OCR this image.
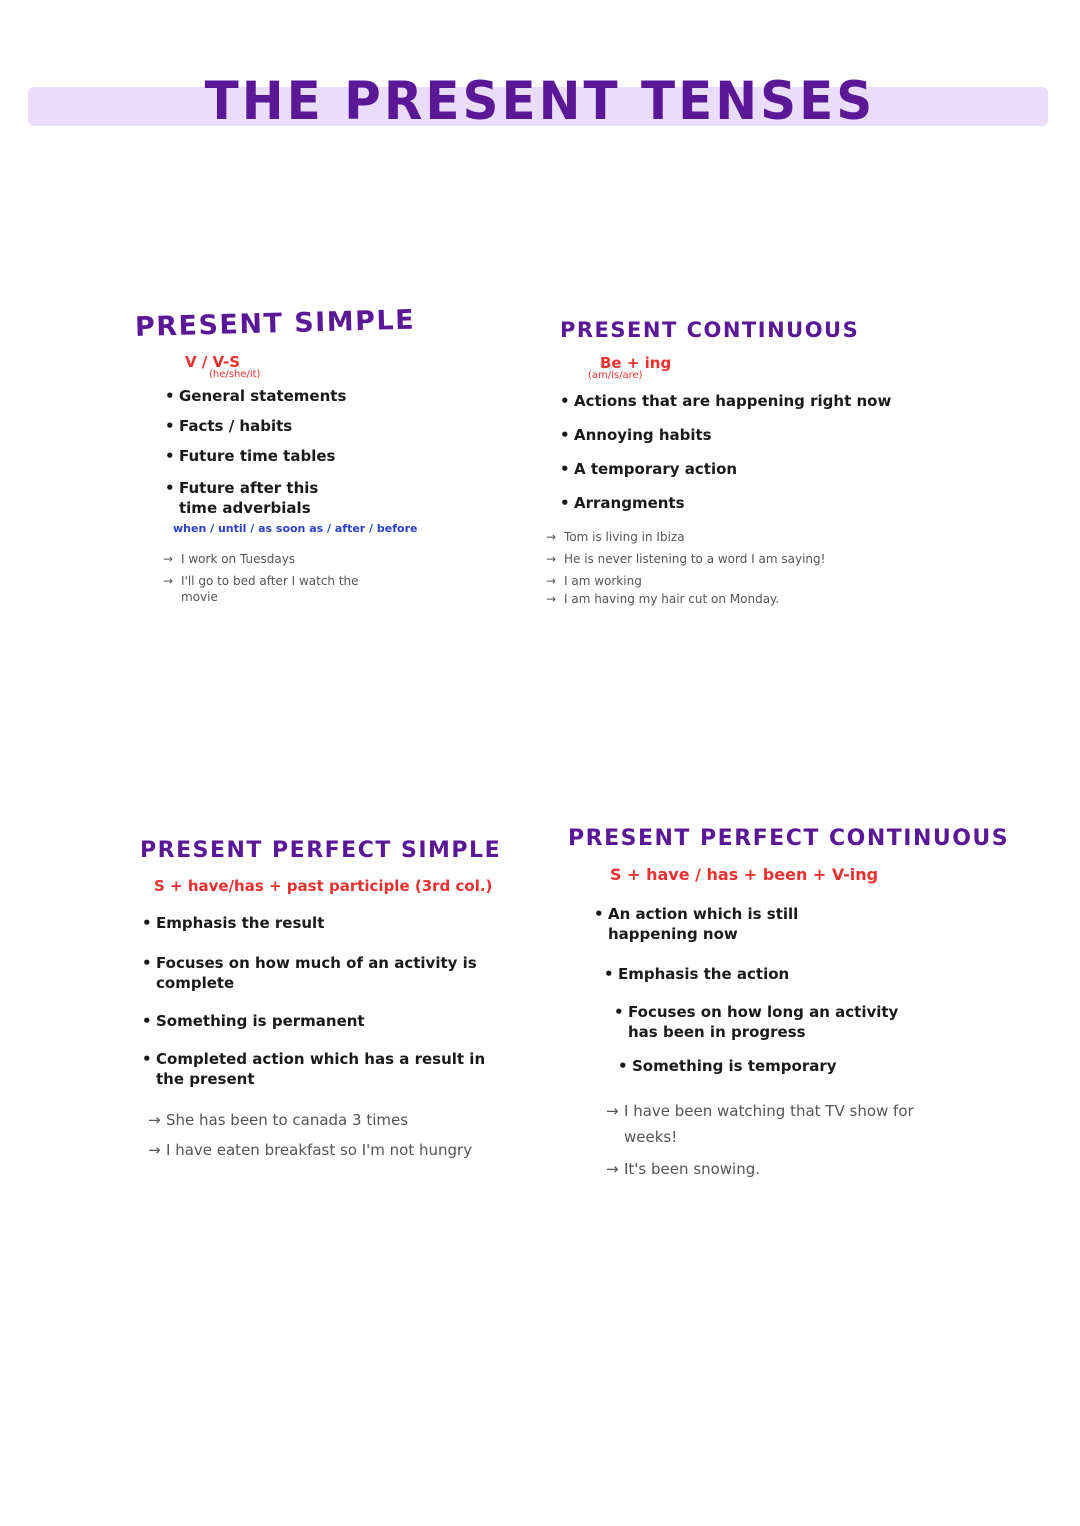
THE PRESENT TENSES
PRESENT SIMPLE
V / V-S
(he/she/it)
• General statements
• Facts / habits
• Future time tables
• Future after this time adverbials
when / until / as soon as / after / before
→ I work on Tuesdays
→ I'll go to bed after I watch the movie
PRESENT CONTINUOUS
Be + ing
(am/is/are)
• Actions that are happening right now
• Annoying habits
• A temporary action
• Arrangments
→ Tom is living in Ibiza
→ He is never listening to a word I am saying!
→ I am working
→ I am having my hair cut on Monday.
PRESENT PERFECT SIMPLE
S + have/has + past participle (3rd col.)
• Emphasis the result
• Focuses on how much of an activity is complete
• Something is permanent
• Completed action which has a result in the present
→ She has been to canada 3 times
→ I have eaten breakfast so I'm not hungry
PRESENT PERFECT CONTINUOUS
S + have / has + been + V-ing
• An action which is still happening now
• Emphasis the action
• Focuses on how long an activity has been in progress
• Something is temporary
→ I have been watching that TV show for weeks!
→ It's been snowing.
